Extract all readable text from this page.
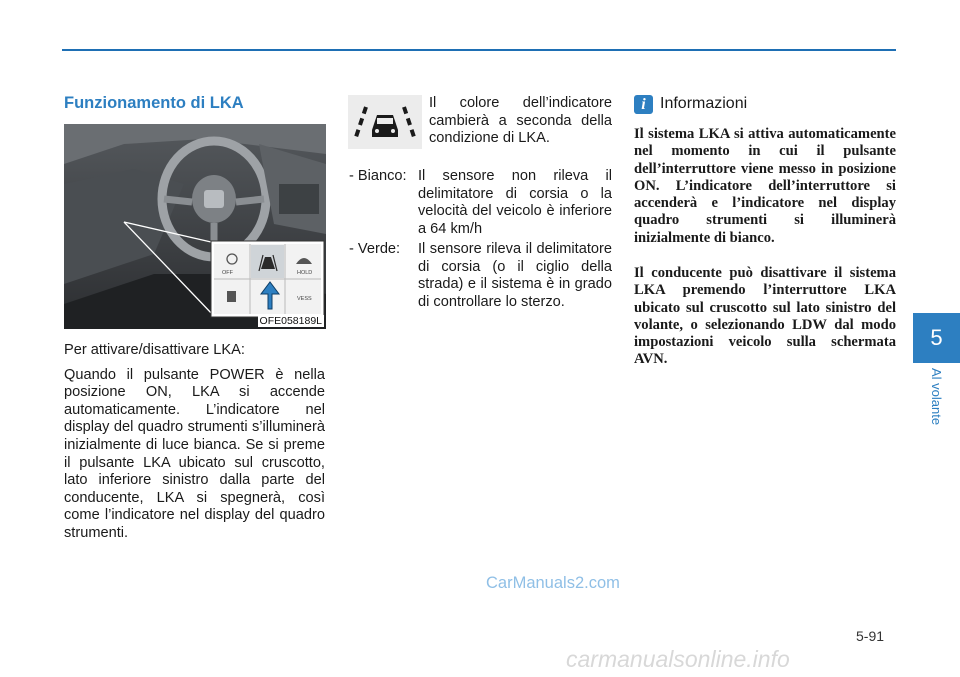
Funzionamento di LKA
OFF	HOLD
VESS
OFE058189L

Per attivare/disattivare LKA:

Quando il pulsante POWER è nella posizione ON, LKA si accende automaticamente. L’indicatore nel display del quadro strumenti s’illuminerà inizialmente di luce bianca. Se si preme il pulsante LKA ubicato sul cruscotto, lato inferiore sinistro dalla parte del conducente, LKA si spegnerà, così come l’indicatore nel display del quadro strumenti.

Il colore dell’indicatore cambierà a seconda della condizione di LKA.
- Bianco: Il sensore non rileva il delimitatore di corsia o la velocità del veicolo è inferiore a 64 km/h
- Verde: Il sensore rileva il delimitatore di corsia (o il ciglio della strada) e il sistema è in grado di controllare lo sterzo.
i Informazioni
Il sistema LKA si attiva automaticamente nel momento in cui il pulsante dell’interruttore viene messo in posizione ON. L’indicatore dell’interruttore si accenderà e l’indicatore nel display quadro strumenti si illuminerà inizialmente di bianco.
Il conducente può disattivare il sistema LKA premendo l’interruttore LKA ubicato sul cruscotto sul lato sinistro del volante, o selezionando LDW dal modo impostazioni veicolo sulla schermata AVN.
5
Al volante
CarManuals2.com
5-91
carmanualsonline.info
